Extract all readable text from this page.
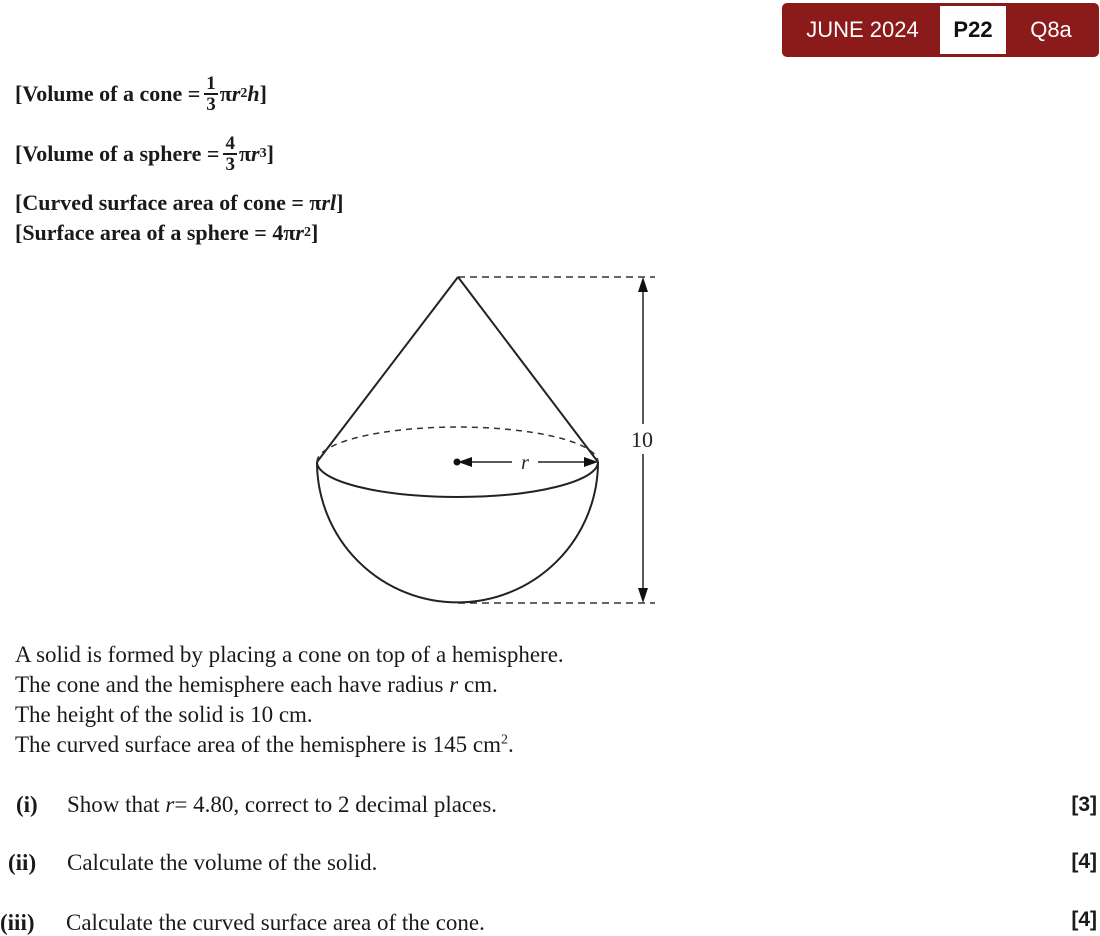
JUNE 2024	P22	Q8a
[Volume of a cone = $\frac{1}{3}$ π r 2 h ]
[Volume of a sphere = $\frac{4}{3}$ π r 3 ]
[Curved surface area of cone =
π rl ]
[Surface area of a sphere = 4 π r 2 ]
r
10
A solid is formed by placing a cone on top of a hemisphere.
The cone and the hemisphere each have radius r cm.
The height of the solid is 10 cm.
The curved surface area of the hemisphere is 145 $cm^2$.
(i)	Show that
r = 4.80, correct to 2 decimal places.	[3]
(ii)	Calculate the volume of the solid.	[4]
(iii)	Calculate the curved surface area of the cone.	[4]
